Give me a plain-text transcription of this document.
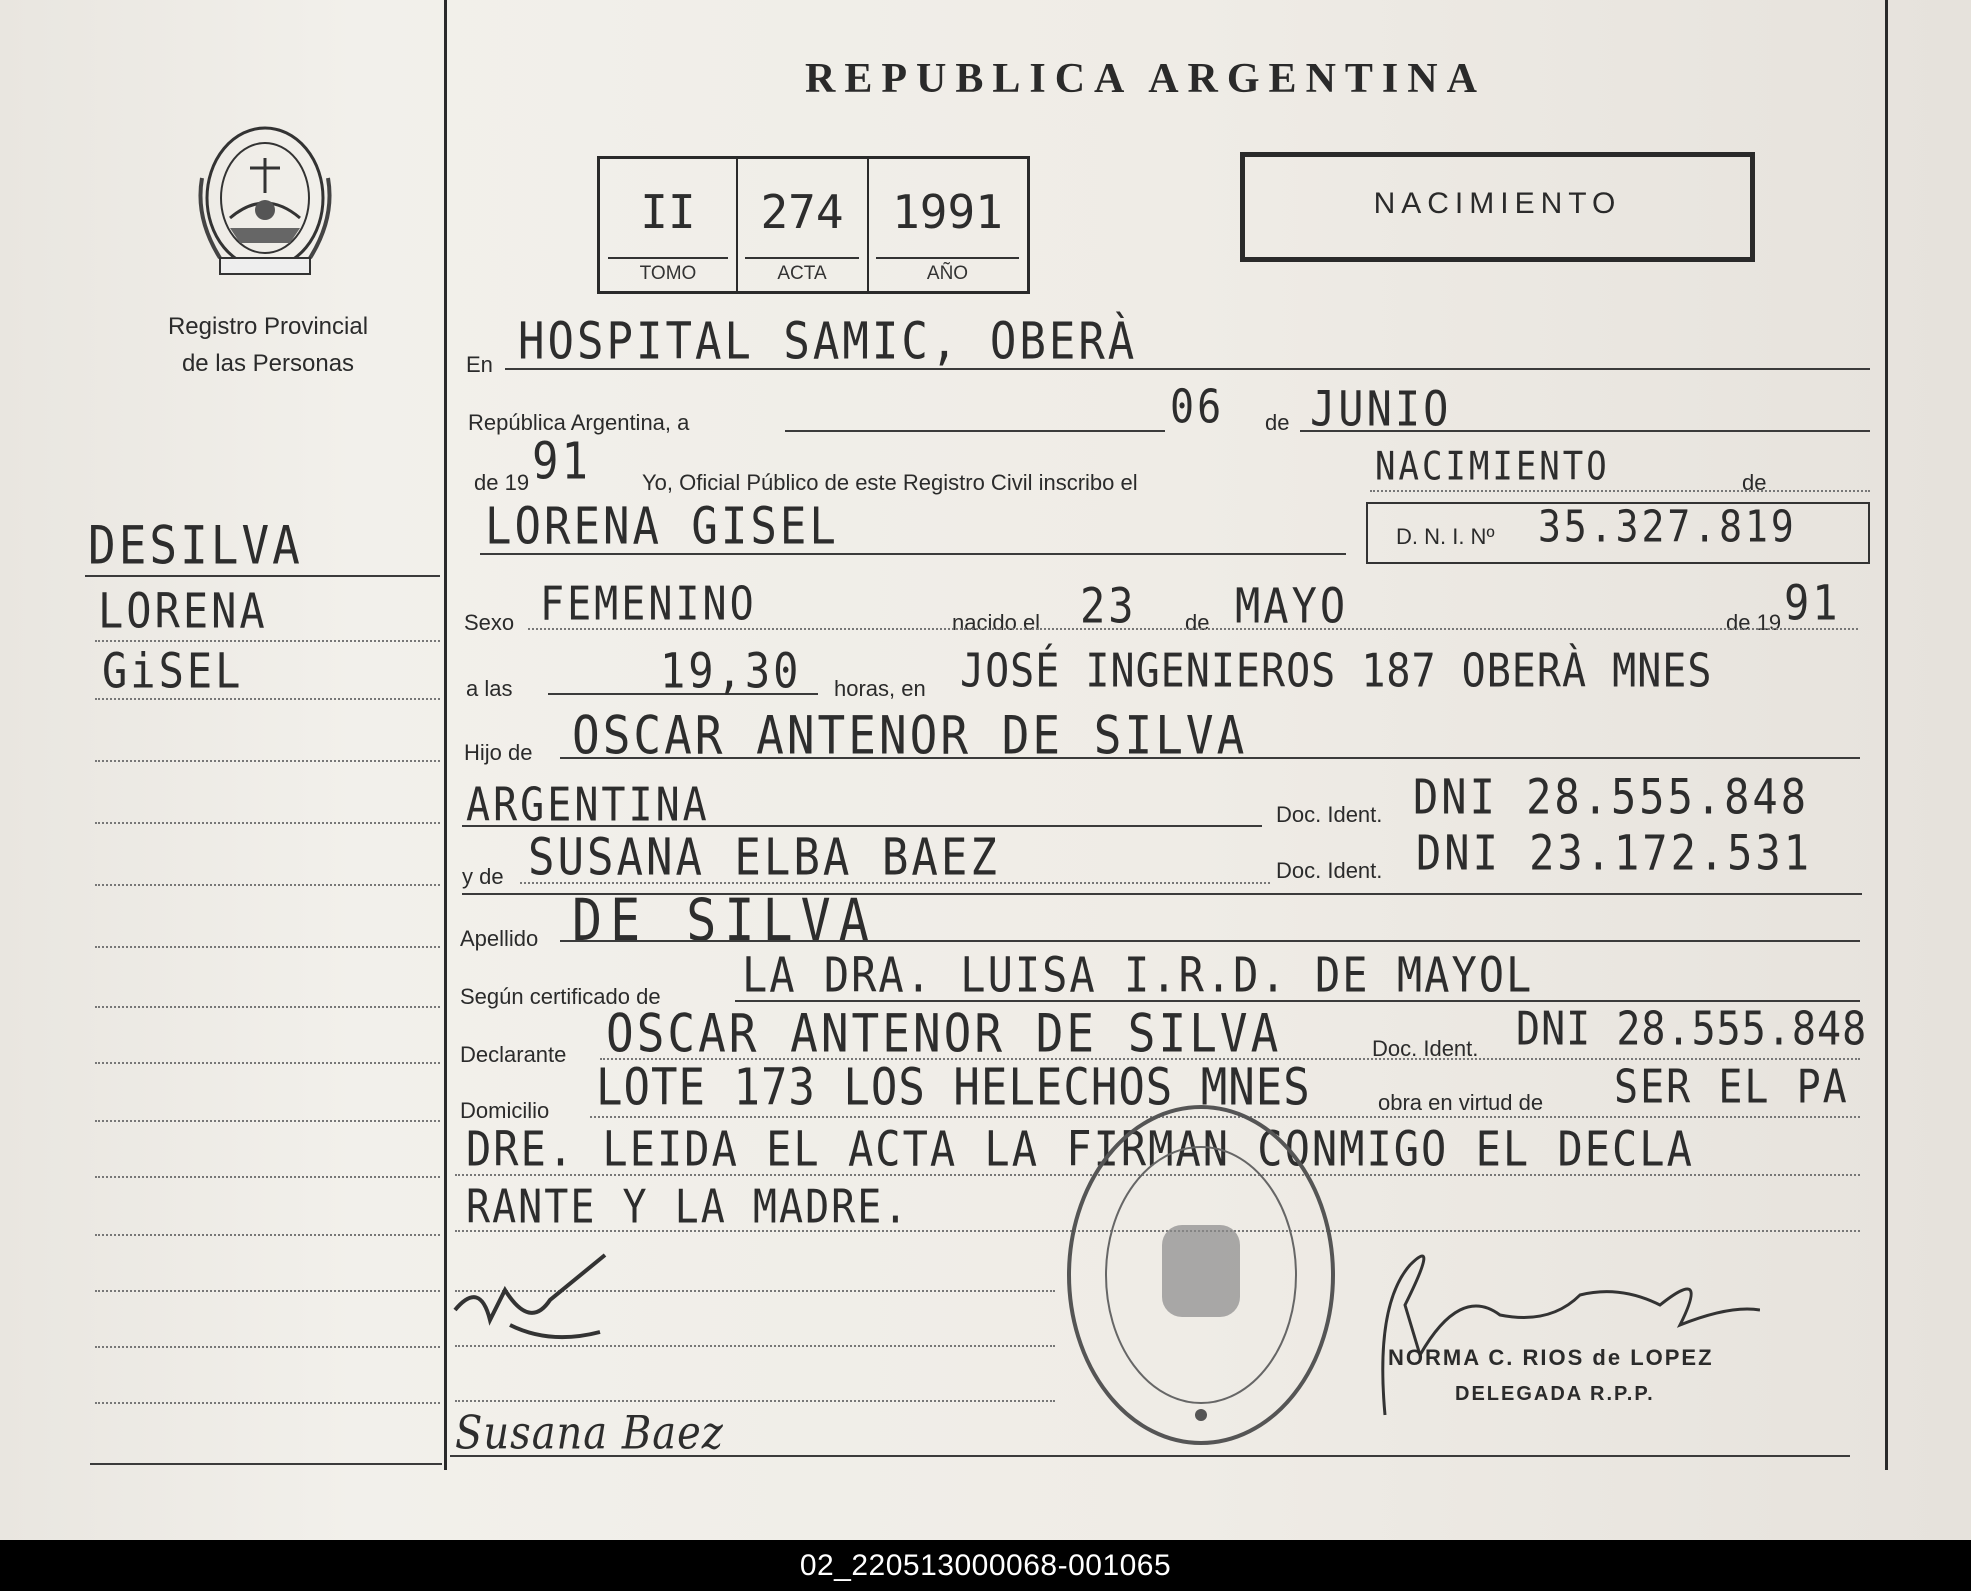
Registro Provincial
de las Personas
DESILVA
LORENA
GiSEL
REPUBLICA ARGENTINA
II
TOMO
274
ACTA
1991
AÑO
NACIMIENTO
En HOSPITAL SAMIC, OBERÀ
República Argentina, a	06 de JUNIO
de 19 91 Yo, Oficial Público de este Registro Civil inscribo el	NACIMIENTO	de
LORENA GISEL	D. N. I. Nº 35.327.819
Sexo FEMENINO	nacido el 23 de MAYO	de 19 91
a las	19,30 horas, en JOSÉ INGENIEROS 187 OBERÀ MNES
Hijo de OSCAR ANTENOR DE SILVA
ARGENTINA	Doc. Ident. DNI 28.555.848
y de SUSANA ELBA BAEZ	Doc. Ident. DNI 23.172.531
Apellido DE SILVA
Según certificado de LA DRA. LUISA I.R.D. DE MAYOL
Declarante OSCAR ANTENOR DE SILVA	Doc. Ident. DNI 28.555.848
Domicilio LOTE 173 LOS HELECHOS MNES	obra en virtud de SER EL PA
DRE. LEIDA EL ACTA LA FIRMAN CONMIGO EL DECLA
RANTE Y LA MADRE.
Susana Baez
NORMA C. RIOS de LOPEZ
DELEGADA R.P.P.
02_220513000068-001065
